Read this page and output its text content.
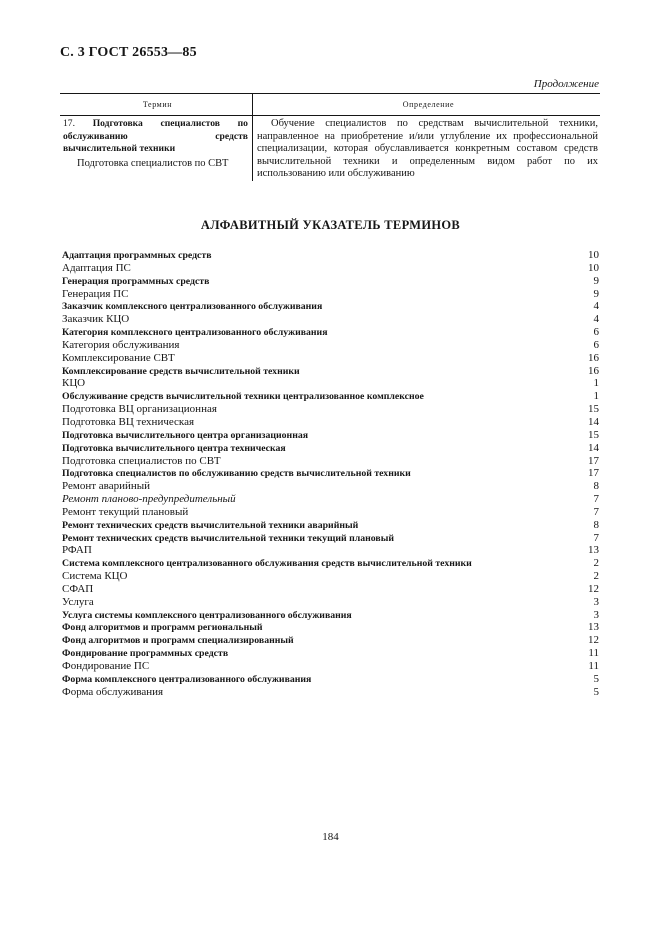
С. 3 ГОСТ 26553—85
Продолжение
Термин	Определение
17. Подготовка специалистов по
обслуживанию средств
вычислительной техники
Подготовка специалистов по СВТ

Обучение специалистов по средствам вычислительной техники, направленное на приобретение и/или углубление их профессиональной специализации, которая обуславливается конкретным составом средств вычислительной техники и определенным видом работ по их использованию или обслуживанию

АЛФАВИТНЫЙ УКАЗАТЕЛЬ ТЕРМИНОВ
Адаптация программных средств	10
Адаптация ПС	10
Генерация программных средств	9
Генерация ПС	9
Заказчик комплексного централизованного обслуживания	4
Заказчик КЦО	4
Категория комплексного централизованного обслуживания	6
Категория обслуживания	6
Комплексирование СВТ	16
Комплексирование средств вычислительной техники	16
КЦО	1
Обслуживание средств вычислительной техники централизованное комплексное	1
Подготовка ВЦ организационная	15
Подготовка ВЦ техническая	14
Подготовка вычислительного центра организационная	15
Подготовка вычислительного центра техническая	14
Подготовка специалистов по СВТ	17
Подготовка специалистов по обслуживанию средств вычислительной техники	17
Ремонт аварийный	8
Ремонт планово-предупредительный	7
Ремонт текущий плановый	7
Ремонт технических средств вычислительной техники аварийный	8
Ремонт технических средств вычислительной техники текущий плановый	7
РФАП	13
Система комплексного централизованного обслуживания средств вычислительной техники	2
Система КЦО	2
СФАП	12
Услуга	3
Услуга системы комплексного централизованного обслуживания	3
Фонд алгоритмов и программ региональный	13
Фонд алгоритмов и программ специализированный	12
Фондирование программных средств	11
Фондирование ПС	11
Форма комплексного централизованного обслуживания	5
Форма обслуживания	5
184
